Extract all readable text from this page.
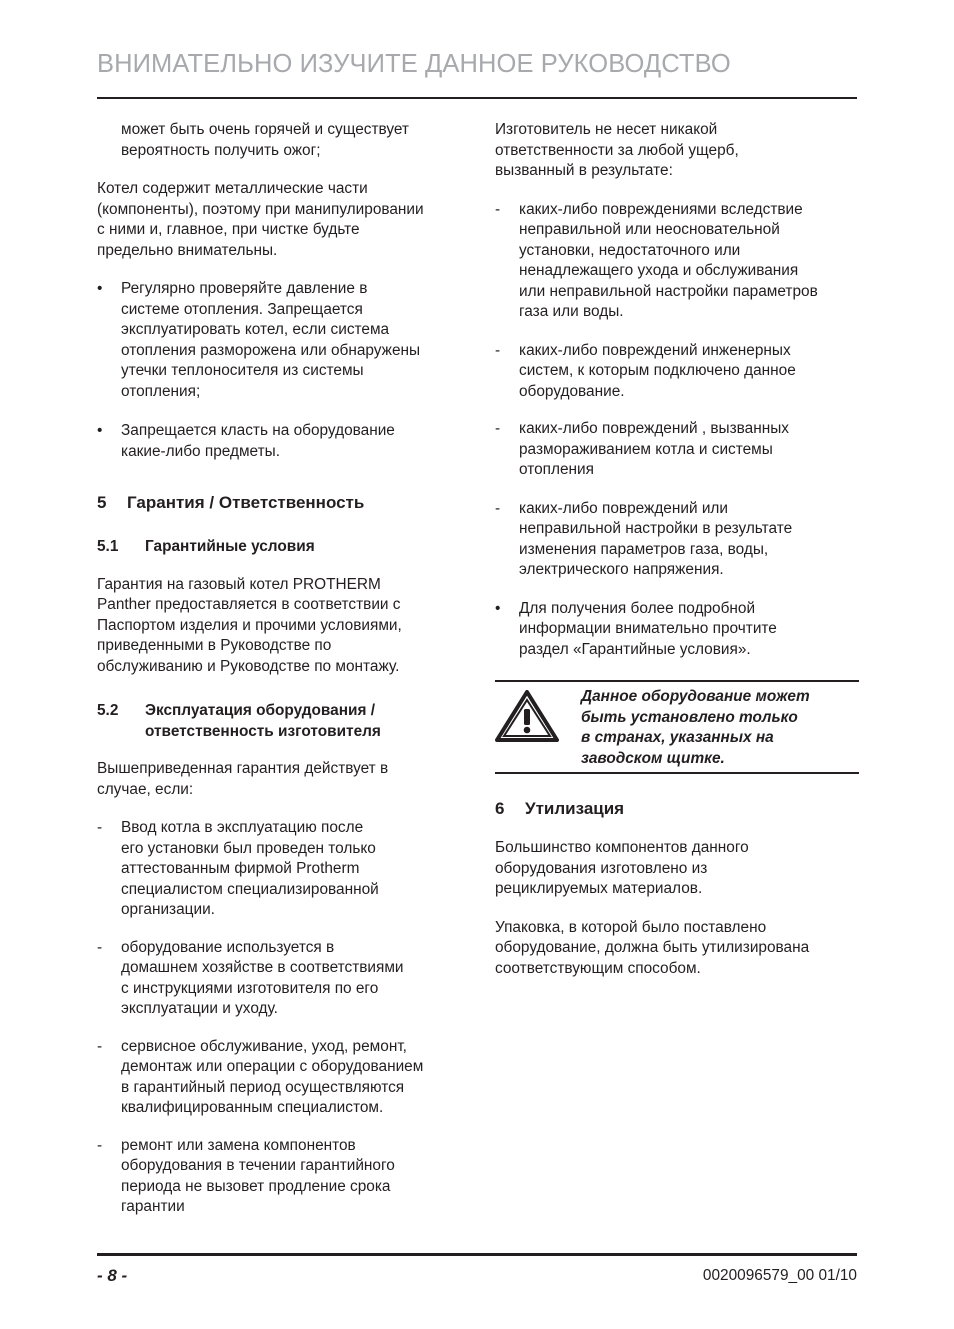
ВНИМАТЕЛЬНО ИЗУЧИТЕ ДАННОЕ РУКОВОДСТВО

может быть очень горячей и существует
вероятность получить ожог;

Котел содержит металлические части
(компоненты), поэтому при манипулировании
с ними и, главное, при чистке будьте
предельно внимательны.

• Регулярно проверяйте давление в
системе отопления. Запрещается
эксплуатировать котел, если система
отопления разморожена или обнаружены
утечки теплоносителя из системы
отопления;
• Запрещается класть на оборудование
какие-либо предметы.
5 Гарантия / Ответственность
5.1 Гарантийные условия

Гарантия на газовый котел PROTHERM
Panther предоставляется в соответствии с
Паспортом изделия и прочими условиями,
приведенными в Руководстве по
обслуживанию и Руководстве по монтажу.

5.2 Эксплуатация оборудования /
ответственность изготовителя

Вышеприведенная гарантия действует в
случае, если:

- Ввод котла в эксплуатацию после
его установки был проведен только
аттестованным фирмой Protherm
специалистом специализированной
организации.
- оборудование используется в
домашнем хозяйстве в соответствиями
с инструкциями изготовителя по его
эксплуатации и уходу.
- сервисное обслуживание, уход, ремонт,
демонтаж или операции с оборудованием
в гарантийный период осуществляются
квалифицированным специалистом.
- ремонт или замена компонентов
оборудования в течении гарантийного
периода не вызовет продление срока
гарантии

Изготовитель не несет никакой
ответственности за любой ущерб,
вызванный в результате:

- каких-либо повреждениями вследствие
неправильной или неосновательной
установки, недостаточного или
ненадлежащего ухода и обслуживания
или неправильной настройки параметров
газа или воды.
- каких-либо повреждений инженерных
систем, к которым подключено данное
оборудование.
- каких-либо повреждений , вызванных
размораживанием котла и системы
отопления
- каких-либо повреждений или
неправильной настройки в результате
изменения параметров газа, воды,
электрического напряжения.
• Для получения более подробной
информации внимательно прочтите
раздел «Гарантийные условия».
Данное оборудование может
быть установлено только
в странах, указанных на
заводском щитке.
6 Утилизация

Большинство компонентов данного
оборудования изготовлено из
рециклируемых материалов.

Упаковка, в которой было поставлено
оборудование, должна быть утилизирована
соответствующим способом.

- 8 -	0020096579_00 01/10
